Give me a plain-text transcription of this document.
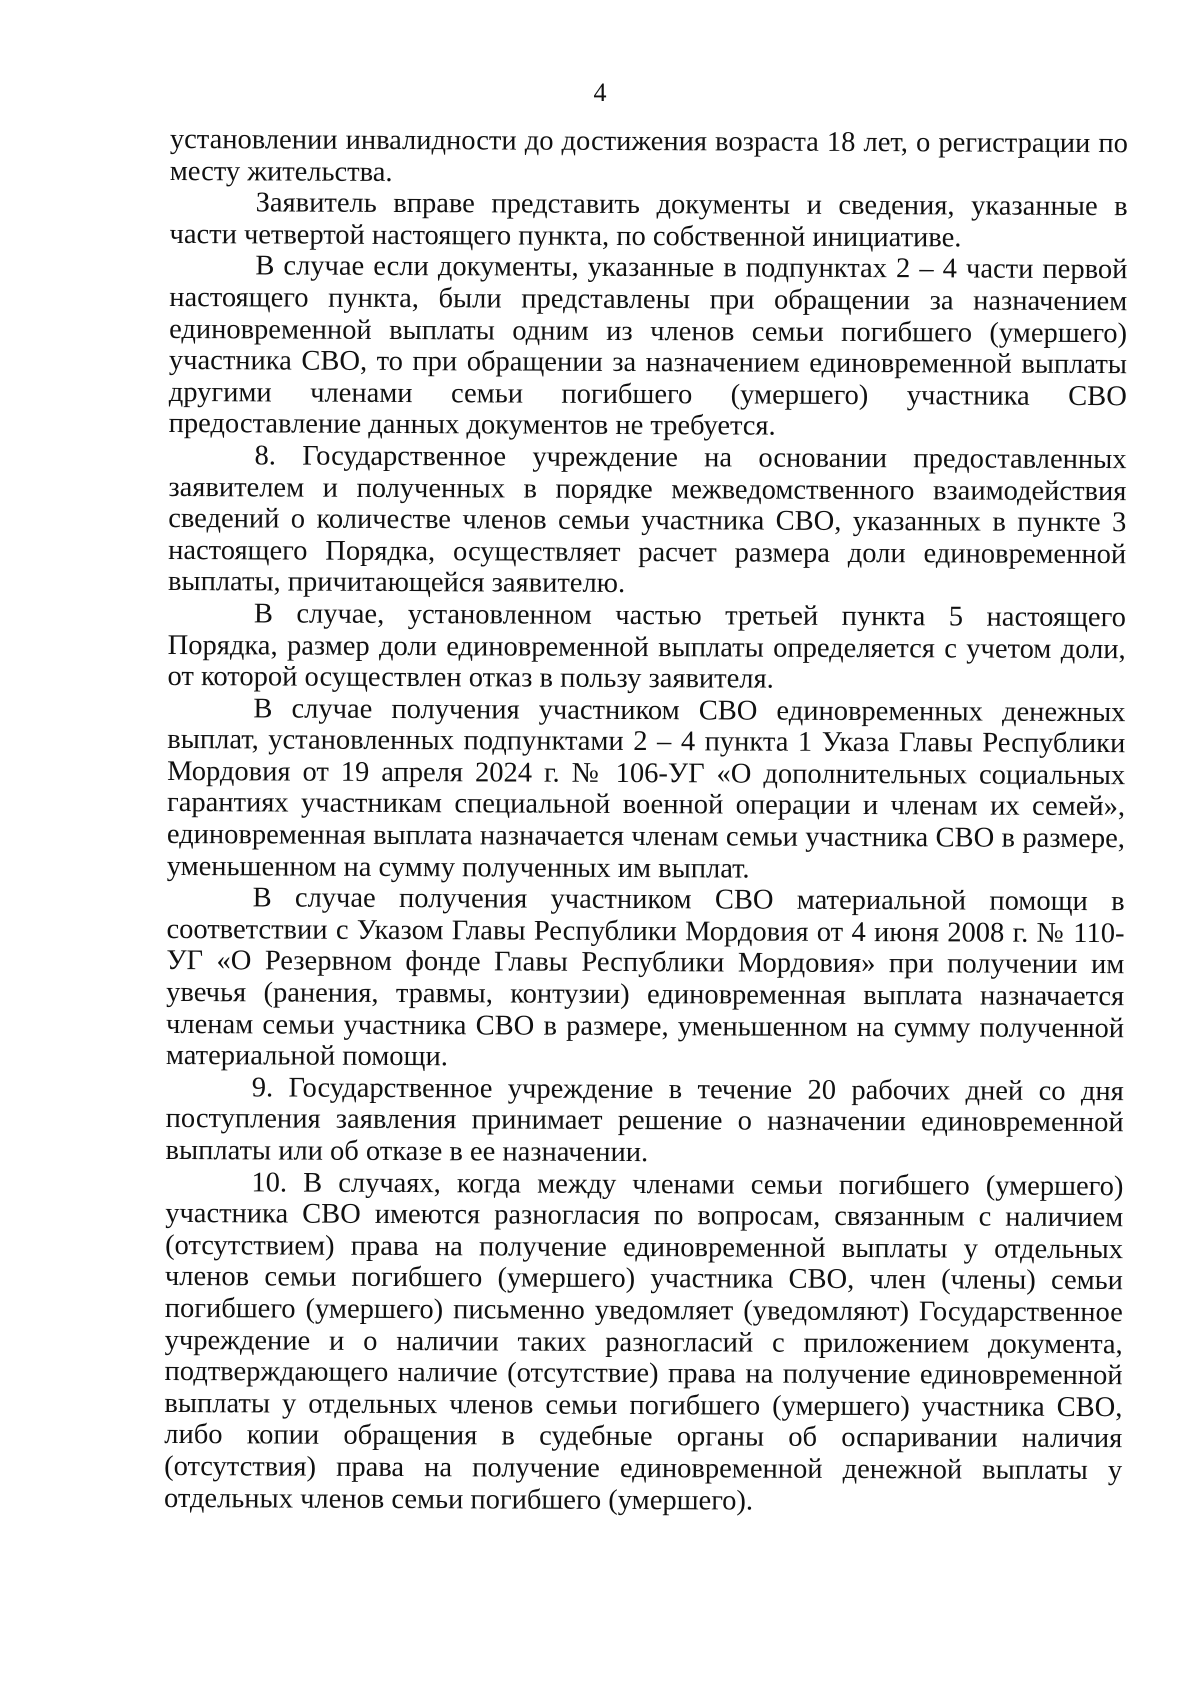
4

установлении инвалидности до достижения возраста 18 лет, о регистрации по месту жительства.

Заявитель вправе представить документы и сведения, указанные в части четвертой настоящего пункта, по собственной инициативе.

В случае если документы, указанные в подпунктах 2 – 4 части первой настоящего пункта, были представлены при обращении за назначением единовременной выплаты одним из членов семьи погибшего (умершего) участника СВО, то при обращении за назначением единовременной выплаты другими членами семьи погибшего (умершего) участника СВО предоставление данных документов не требуется.

8. Государственное учреждение на основании предоставленных заявителем и полученных в порядке межведомственного взаимодействия сведений о количестве членов семьи участника СВО, указанных в пункте 3 настоящего Порядка, осуществляет расчет размера доли единовременной выплаты, причитающейся заявителю.

В случае, установленном частью третьей пункта 5 настоящего Порядка, размер доли единовременной выплаты определяется с учетом доли, от которой осуществлен отказ в пользу заявителя.

В случае получения участником СВО единовременных денежных выплат, установленных подпунктами 2 – 4 пункта 1 Указа Главы Республики Мордовия от 19 апреля 2024 г. № 106-УГ «О дополнительных социальных гарантиях участникам специальной военной операции и членам их семей», единовременная выплата назначается членам семьи участника СВО в размере, уменьшенном на сумму полученных им выплат.

В случае получения участником СВО материальной помощи в соответствии с Указом Главы Республики Мордовия от 4 июня 2008 г. № 110-УГ «О Резервном фонде Главы Республики Мордовия» при получении им увечья (ранения, травмы, контузии) единовременная выплата назначается членам семьи участника СВО в размере, уменьшенном на сумму полученной материальной помощи.

9. Государственное учреждение в течение 20 рабочих дней со дня поступления заявления принимает решение о назначении единовременной выплаты или об отказе в ее назначении.

10. В случаях, когда между членами семьи погибшего (умершего) участника СВО имеются разногласия по вопросам, связанным с наличием (отсутствием) права на получение единовременной выплаты у отдельных членов семьи погибшего (умершего) участника СВО, член (члены) семьи погибшего (умершего) письменно уведомляет (уведомляют) Государственное учреждение и о наличии таких разногласий с приложением документа, подтверждающего наличие (отсутствие) права на получение единовременной выплаты у отдельных членов семьи погибшего (умершего) участника СВО, либо копии обращения в судебные органы об оспаривании наличия (отсутствия) права на получение единовременной денежной выплаты у отдельных членов семьи погибшего (умершего).
